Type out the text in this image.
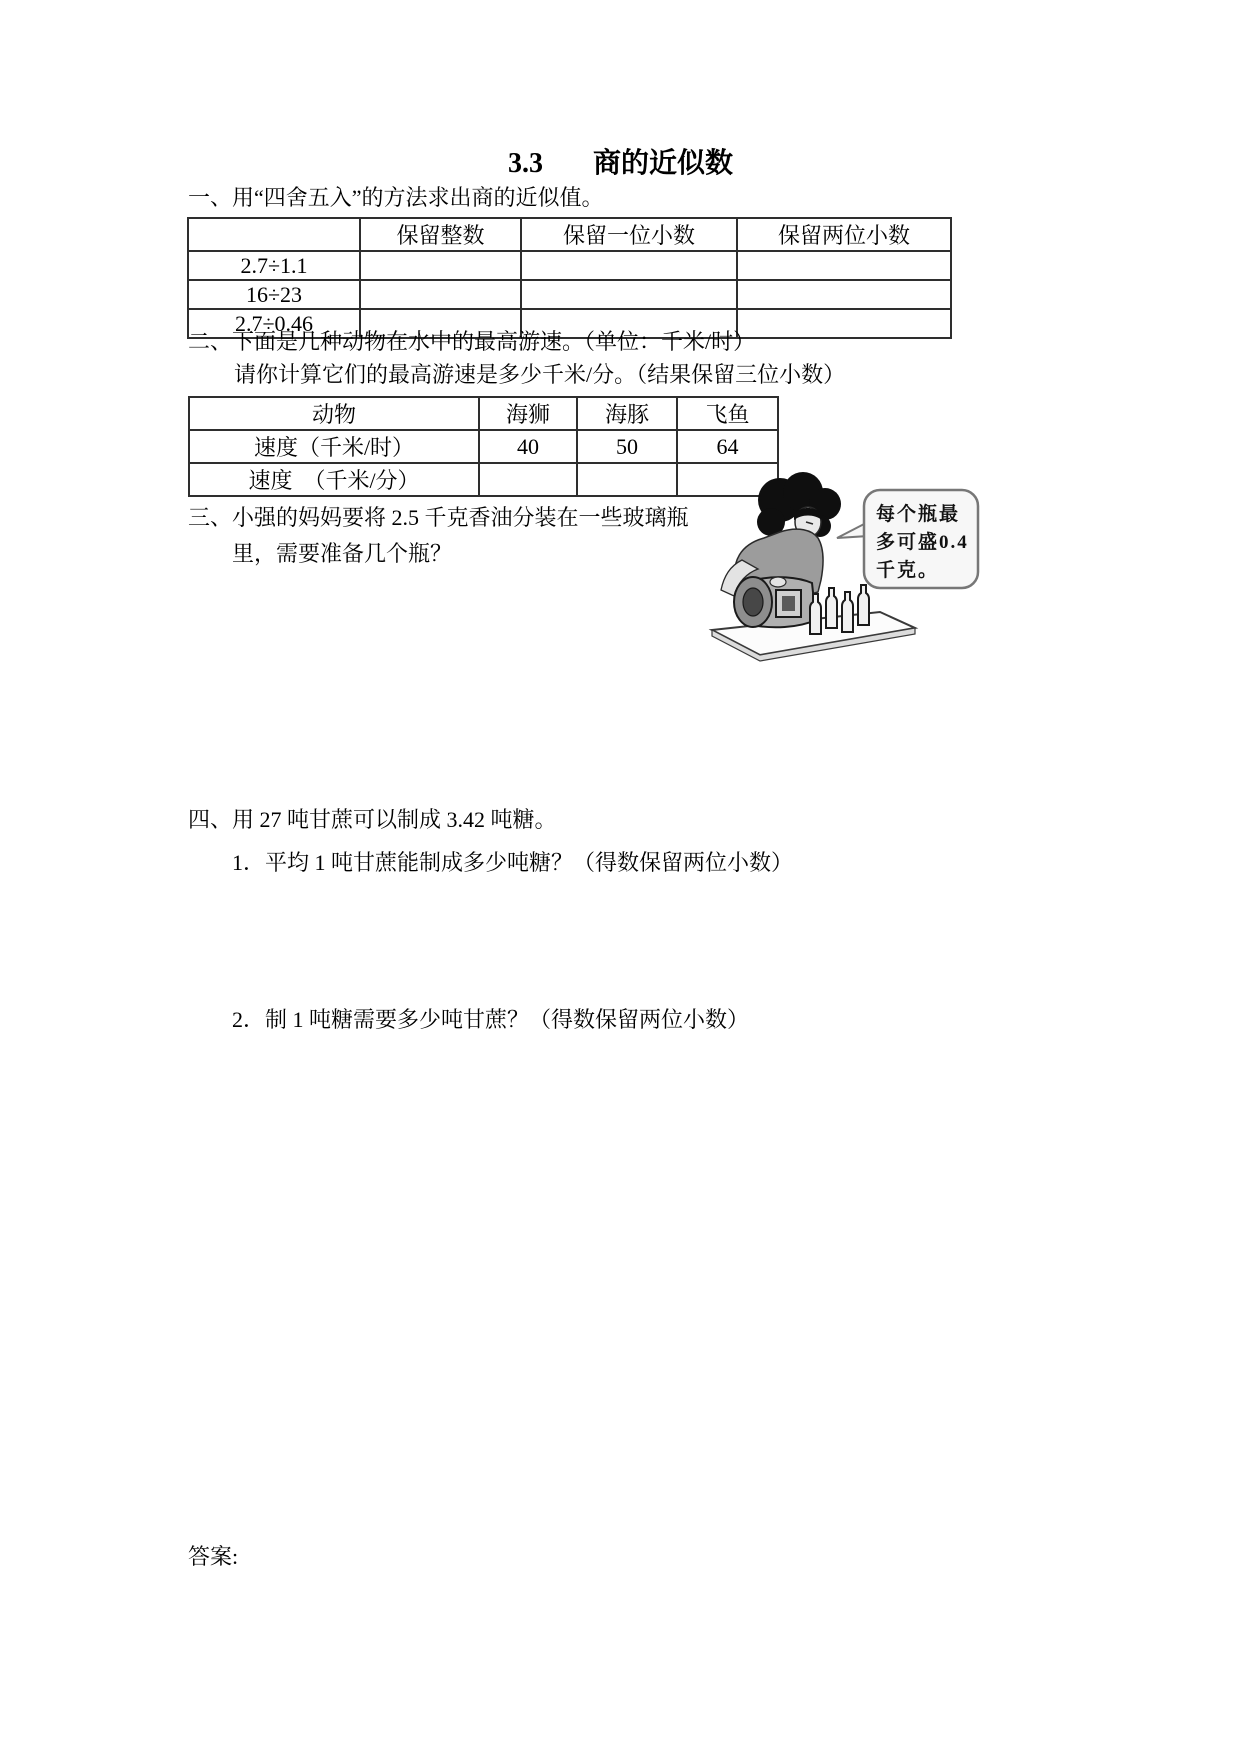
3.3 商的近似数
一、用“四舍五入”的方法求出商的近似值。
	保留整数	保留一位小数	保留两位小数
2.7÷1.1			
16÷23			
2.7÷0.46			
二、下面是几种动物在水中的最高游速。（单位：千米/时）
请你计算它们的最高游速是多少千米/分。（结果保留三位小数）
动物	海狮	海豚	飞鱼
速度（千米/时）	40	50	64
速度　（千米/分）			
三、小强的妈妈要将 2.5 千克香油分装在一些玻璃瓶
里，需要准备几个瓶？
每个瓶最
多可盛0.4
千克。
四、用 27 吨甘蔗可以制成 3.42 吨糖。
1．平均 1 吨甘蔗能制成多少吨糖？（得数保留两位小数）
2．制 1 吨糖需要多少吨甘蔗？（得数保留两位小数）
答案:
